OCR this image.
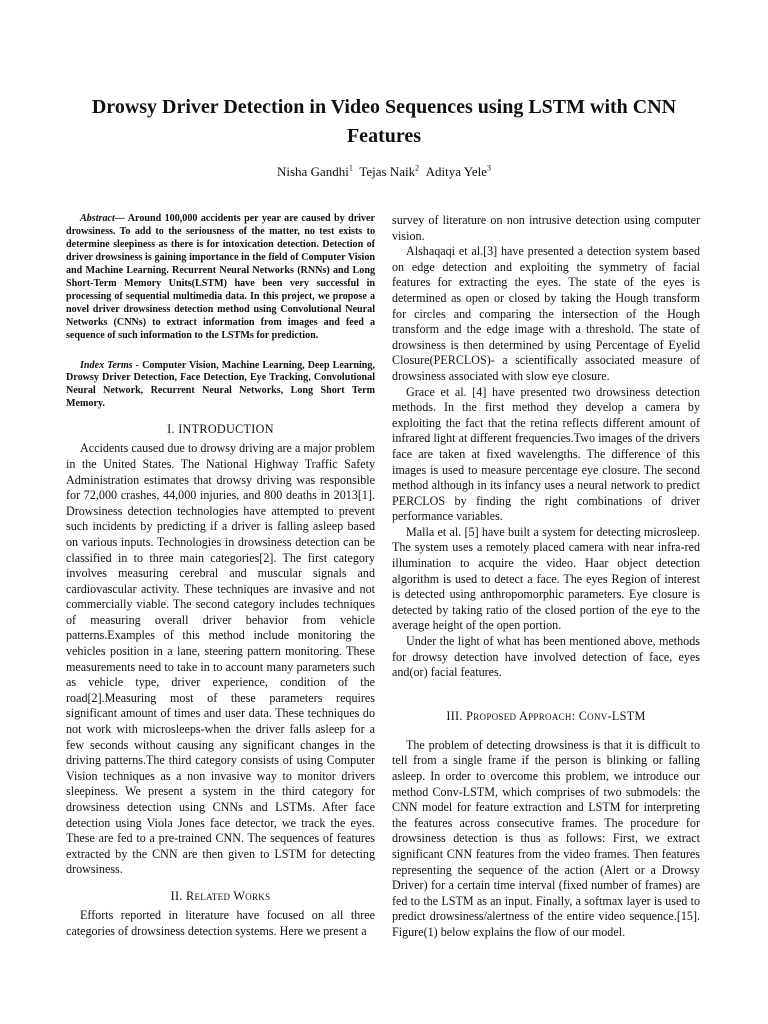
Drowsy Driver Detection in Video Sequences using LSTM with CNN Features
Nisha Gandhi$^1$ Tejas Naik$^2$ Aditya Yele$^3$

Abstract— Around 100,000 accidents per year are caused by driver drowsiness. To add to the seriousness of the matter, no test exists to determine sleepiness as there is for intoxication detection. Detection of driver drowsiness is gaining importance in the field of Computer Vision and Machine Learning. Recurrent Neural Networks (RNNs) and Long Short-Term Memory Units(LSTM) have been very successful in processing of sequential multimedia data. In this project, we propose a novel driver drowsiness detection method using Convolutional Neural Networks (CNNs) to extract information from images and feed a sequence of such information to the LSTMs for prediction.

Index Terms - Computer Vision, Machine Learning, Deep Learning, Drowsy Driver Detection, Face Detection, Eye Tracking, Convolutional Neural Network, Recurrent Neural Networks, Long Short Term Memory.

I. INTRODUCTION

Accidents caused due to drowsy driving are a major problem in the United States. The National Highway Traffic Safety Administration estimates that drowsy driving was responsible for 72,000 crashes, 44,000 injuries, and 800 deaths in 2013[1]. Drowsiness detection technologies have attempted to prevent such incidents by predicting if a driver is falling asleep based on various inputs. Technologies in drowsiness detection can be classified in to three main categories[2]. The first category involves measuring cerebral and muscular signals and cardiovascular activity. These techniques are invasive and not commercially viable. The second category includes techniques of measuring overall driver behavior from vehicle patterns.Examples of this method include monitoring the vehicles position in a lane, steering pattern monitoring. These measurements need to take in to account many parameters such as vehicle type, driver experience, condition of the road[2].Measuring most of these parameters requires significant amount of times and user data. These techniques do not work with microsleeps-when the driver falls asleep for a few seconds without causing any significant changes in the driving patterns.The third category consists of using Computer Vision techniques as a non invasive way to monitor drivers sleepiness. We present a system in the third category for drowsiness detection using CNNs and LSTMs. After face detection using Viola Jones face detector, we track the eyes. These are fed to a pre-trained CNN. The sequences of features extracted by the CNN are then given to LSTM for detecting drowsiness.

II. Related Works

Efforts reported in literature have focused on all three categories of drowsiness detection systems. Here we present a

survey of literature on non intrusive detection using computer vision.

Alshaqaqi et al.[3] have presented a detection system based on edge detection and exploiting the symmetry of facial features for extracting the eyes. The state of the eyes is determined as open or closed by taking the Hough transform for circles and comparing the intersection of the Hough transform and the edge image with a threshold. The state of drowsiness is then determined by using Percentage of Eyelid Closure(PERCLOS)- a scientifically associated measure of drowsiness associated with slow eye closure.

Grace et al. [4] have presented two drowsiness detection methods. In the first method they develop a camera by exploiting the fact that the retina reflects different amount of infrared light at different frequencies.Two images of the drivers face are taken at fixed wavelengths. The difference of this images is used to measure percentage eye closure. The second method although in its infancy uses a neural network to predict PERCLOS by finding the right combinations of driver performance variables.

Malla et al. [5] have built a system for detecting microsleep. The system uses a remotely placed camera with near infra-red illumination to acquire the video. Haar object detection algorithm is used to detect a face. The eyes Region of interest is detected using anthropomorphic parameters. Eye closure is detected by taking ratio of the closed portion of the eye to the average height of the open portion.

Under the light of what has been mentioned above, methods for drowsy detection have involved detection of face, eyes and(or) facial features.

III. Proposed Approach: Conv-LSTM

The problem of detecting drowsiness is that it is difficult to tell from a single frame if the person is blinking or falling asleep. In order to overcome this problem, we introduce our method Conv-LSTM, which comprises of two submodels: the CNN model for feature extraction and LSTM for interpreting the features across consecutive frames. The procedure for drowsiness detection is thus as follows: First, we extract significant CNN features from the video frames. Then features representing the sequence of the action (Alert or a Drowsy Driver) for a certain time interval (fixed number of frames) are fed to the LSTM as an input. Finally, a softmax layer is used to predict drowsiness/alertness of the entire video sequence.[15]. Figure(1) below explains the flow of our model.
